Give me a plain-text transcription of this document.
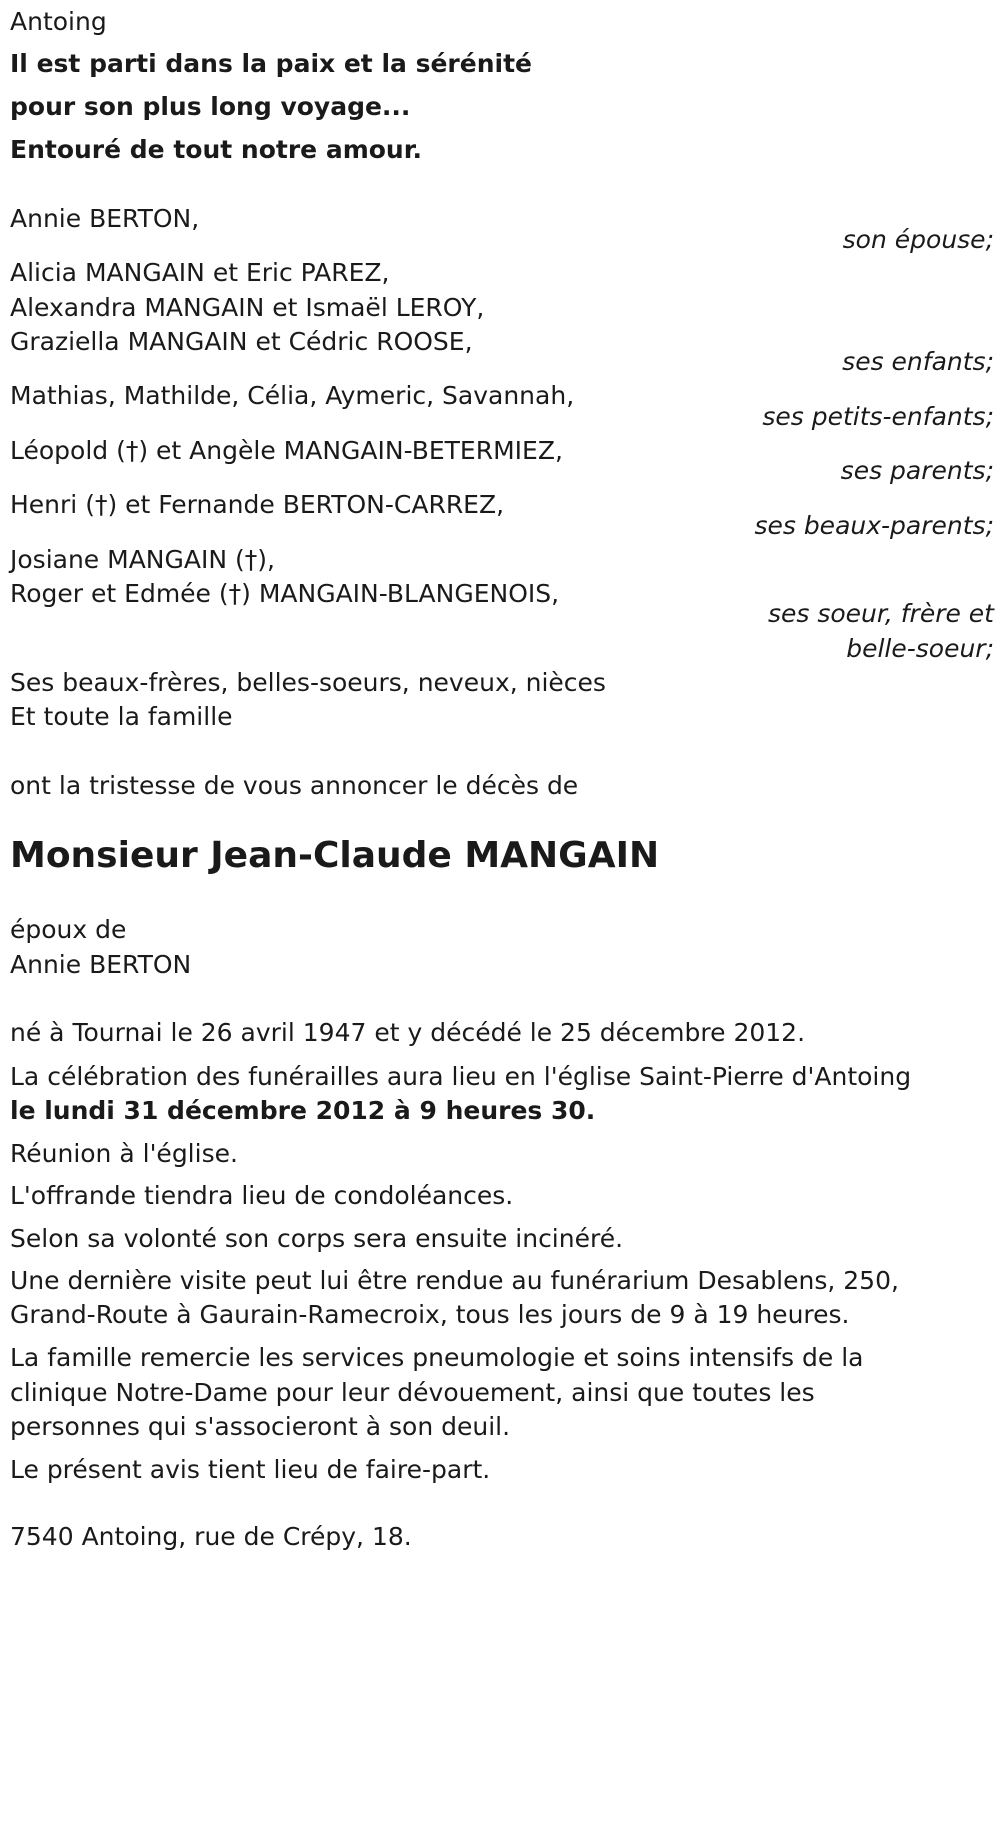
Antoing
Il est parti dans la paix et la sérénité
pour son plus long voyage...
Entouré de tout notre amour.
Annie BERTON,
son épouse;
Alicia MANGAIN et Eric PAREZ,
Alexandra MANGAIN et Ismaël LEROY,
Graziella MANGAIN et Cédric ROOSE,
ses enfants;
Mathias, Mathilde, Célia, Aymeric, Savannah,
ses petits-enfants;
Léopold (†) et Angèle MANGAIN-BETERMIEZ,
ses parents;
Henri (†) et Fernande BERTON-CARREZ,
ses beaux-parents;
Josiane MANGAIN (†),
Roger et Edmée (†) MANGAIN-BLANGENOIS,
ses soeur, frère et
belle-soeur;
Ses beaux-frères, belles-soeurs, neveux, nièces
Et toute la famille
ont la tristesse de vous annoncer le décès de
Monsieur Jean-Claude MANGAIN
époux de
Annie BERTON
né à Tournai le 26 avril 1947 et y décédé le 25 décembre 2012.
La célébration des funérailles aura lieu en l'église Saint-Pierre d'Antoing
le lundi 31 décembre 2012 à 9 heures 30.
Réunion à l'église.
L'offrande tiendra lieu de condoléances.
Selon sa volonté son corps sera ensuite incinéré.
Une dernière visite peut lui être rendue au funérarium Desablens, 250,
Grand-Route à Gaurain-Ramecroix, tous les jours de 9 à 19 heures.
La famille remercie les services pneumologie et soins intensifs de la
clinique Notre-Dame pour leur dévouement, ainsi que toutes les
personnes qui s'associeront à son deuil.
Le présent avis tient lieu de faire-part.
7540 Antoing, rue de Crépy, 18.
